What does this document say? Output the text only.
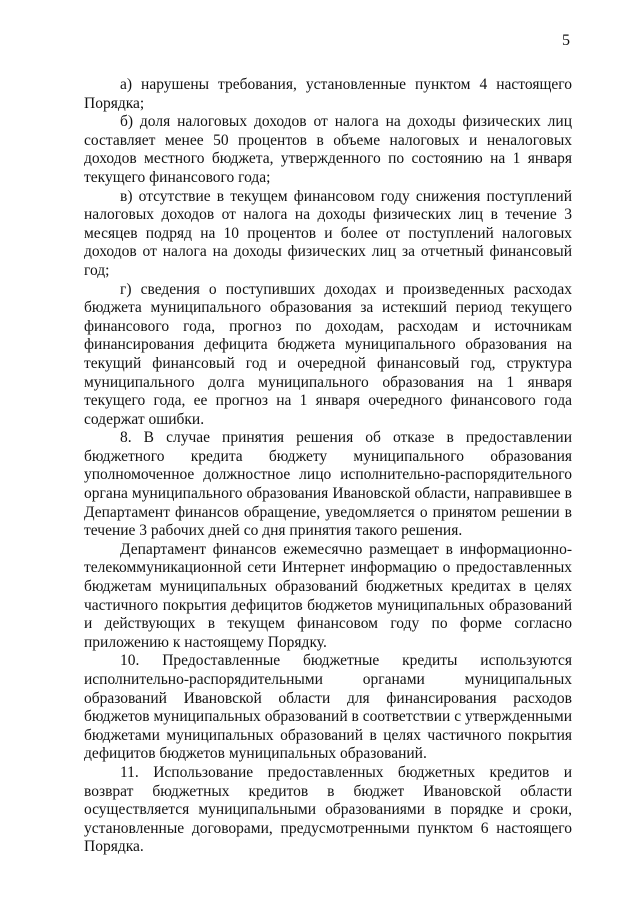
5

а) нарушены требования, установленные пунктом 4 настоящего Порядка;

б) доля налоговых доходов от налога на доходы физических лиц составляет менее 50 процентов в объеме налоговых и неналоговых доходов местного бюджета, утвержденного по состоянию на 1 января текущего финансового года;

в) отсутствие в текущем финансовом году снижения поступлений налоговых доходов от налога на доходы физических лиц в течение 3 месяцев подряд на 10 процентов и более от поступлений налоговых доходов от налога на доходы физических лиц за отчетный финансовый год;

г) сведения о поступивших доходах и произведенных расходах бюджета муниципального образования за истекший период текущего финансового года, прогноз по доходам, расходам и источникам финансирования дефицита бюджета муниципального образования на текущий финансовый год и очередной финансовый год, структура муниципального долга муниципального образования на 1 января текущего года, ее прогноз на 1 января очередного финансового года содержат ошибки.

8. В случае принятия решения об отказе в предоставлении бюджетного кредита бюджету муниципального образования уполномоченное должностное лицо исполнительно-распорядительного органа муниципального образования Ивановской области, направившее в Департамент финансов обращение, уведомляется о принятом решении в течение 3 рабочих дней со дня принятия такого решения.

Департамент финансов ежемесячно размещает в информационно-телекоммуникационной сети Интернет информацию о предоставленных бюджетам муниципальных образований бюджетных кредитах в целях частичного покрытия дефицитов бюджетов муниципальных образований и действующих в текущем финансовом году по форме согласно приложению к настоящему Порядку.

10. Предоставленные бюджетные кредиты используются исполнительно-распорядительными органами муниципальных образований Ивановской области для финансирования расходов бюджетов муниципальных образований в соответствии с утвержденными бюджетами муниципальных образований в целях частичного покрытия дефицитов бюджетов муниципальных образований.

11. Использование предоставленных бюджетных кредитов и возврат бюджетных кредитов в бюджет Ивановской области осуществляется муниципальными образованиями в порядке и сроки, установленные договорами, предусмотренными пунктом 6 настоящего Порядка.
